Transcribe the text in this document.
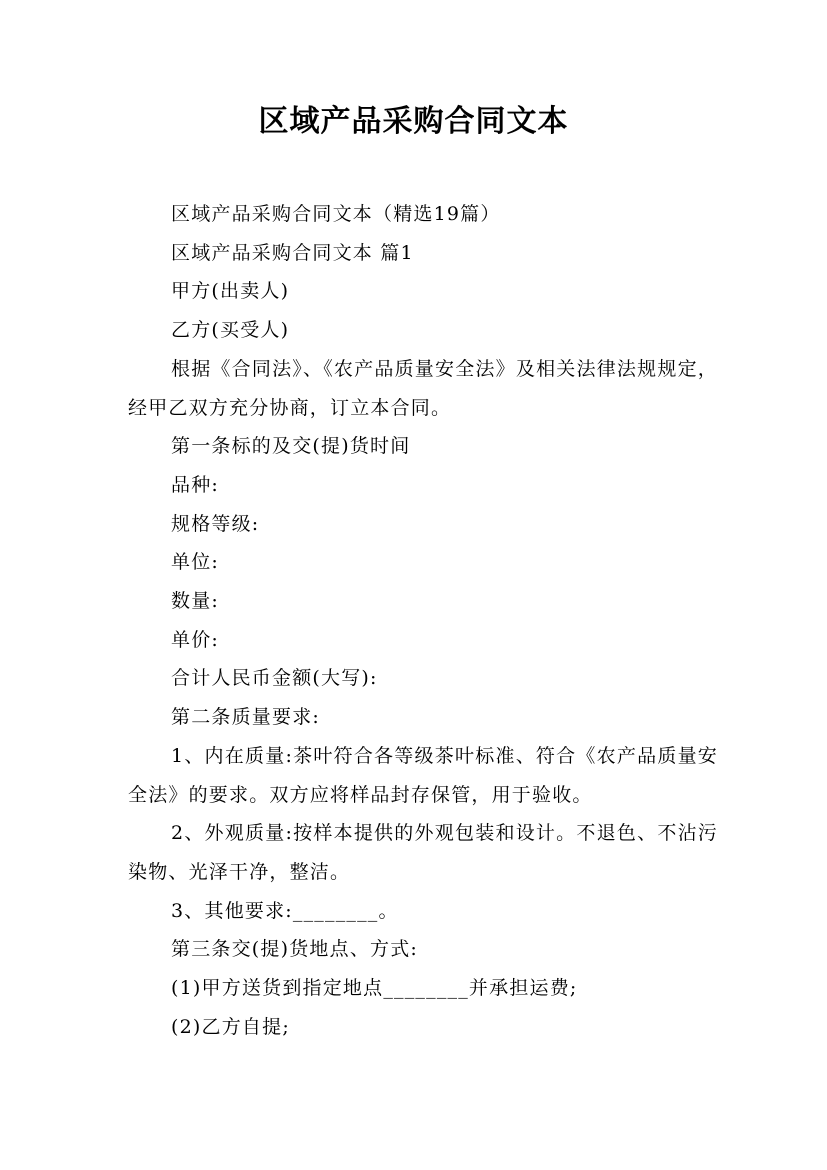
区域产品采购合同文本

区域产品采购合同文本（精选19篇）

区域产品采购合同文本 篇1

甲方(出卖人)

乙方(买受人)

根据《合同法》、《农产品质量安全法》及相关法律法规规定，经甲乙双方充分协商，订立本合同。

第一条标的及交(提)货时间

品种:

规格等级:

单位:

数量:

单价:

合计人民币金额(大写):

第二条质量要求:

1、内在质量:茶叶符合各等级茶叶标准、符合《农产品质量安全法》的要求。双方应将样品封存保管，用于验收。

2、外观质量:按样本提供的外观包装和设计。不退色、不沾污染物、光泽干净，整洁。

3、其他要求:________。

第三条交(提)货地点、方式:

(1)甲方送货到指定地点________并承担运费;

(2)乙方自提;
